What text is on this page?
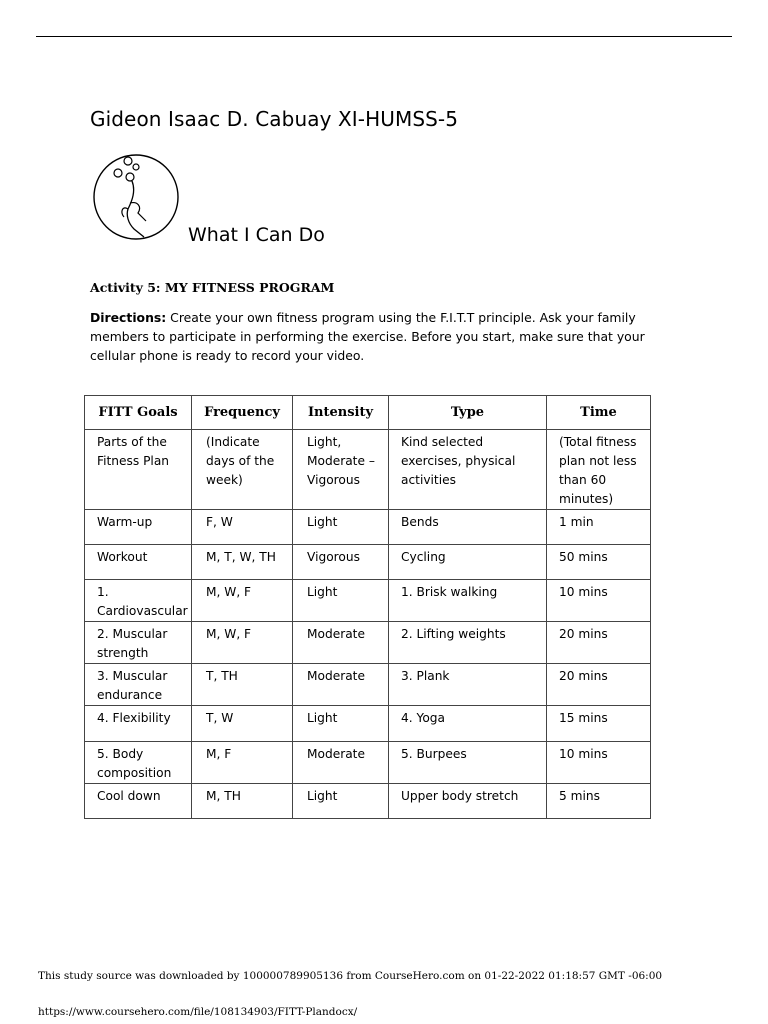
Gideon Isaac D. Cabuay XI-HUMSS-5
What I Can Do
Activity 5: MY FITNESS PROGRAM
Directions: Create your own fitness program using the F.I.T.T principle. Ask your family members to participate in performing the exercise. Before you start, make sure that your cellular phone is ready to record your video.
FITT Goals	Frequency	Intensity	Type	Time
Parts of the Fitness Plan	(Indicate days of the week)	Light, Moderate – Vigorous	Kind selected exercises, physical activities	(Total fitness plan not less than 60 minutes)
Warm-up	F, W	Light	Bends	1 min
Workout	M, T, W, TH	Vigorous	Cycling	50 mins
1. Cardiovascular	M, W, F	Light	1. Brisk walking	10 mins
2. Muscular strength	M, W, F	Moderate	2. Lifting weights	20 mins
3. Muscular endurance	T, TH	Moderate	3. Plank	20 mins
4. Flexibility	T, W	Light	4. Yoga	15 mins
5. Body composition	M, F	Moderate	5. Burpees	10 mins
Cool down	M, TH	Light	Upper body stretch	5 mins
This study source was downloaded by 100000789905136 from CourseHero.com on 01-22-2022 01:18:57 GMT -06:00
https://www.coursehero.com/file/108134903/FITT-Plandocx/
